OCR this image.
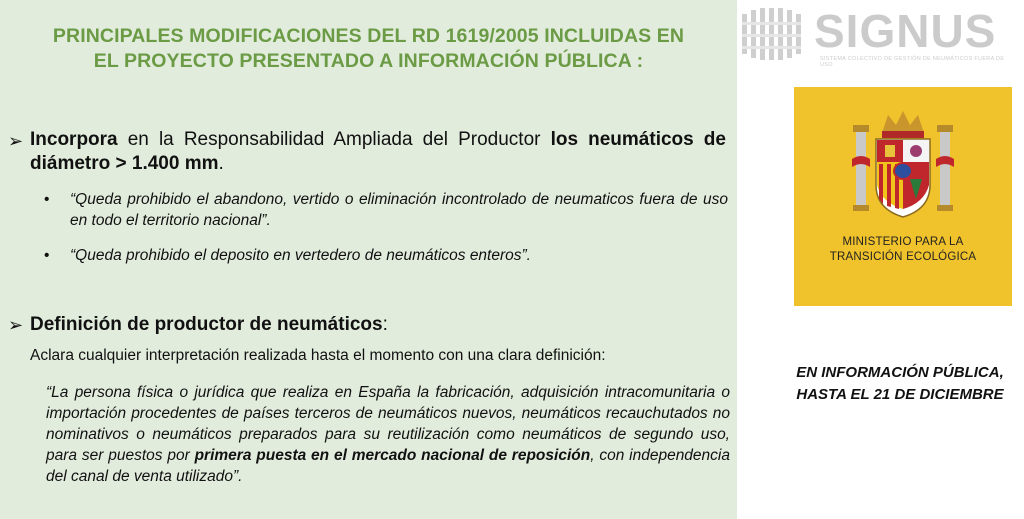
PRINCIPALES MODIFICACIONES DEL RD 1619/2005 INCLUIDAS EN
EL PROYECTO PRESENTADO A INFORMACIÓN PÚBLICA :
➢ Incorpora en la Responsabilidad Ampliada del Productor los neumáticos de diámetro > 1.400 mm.
•	“Queda prohibido el abandono, vertido o eliminación incontrolado de neumaticos fuera de uso en todo el territorio nacional”.
•	“Queda prohibido el deposito en vertedero de neumáticos enteros”.
➢ Definición de productor de neumáticos:
Aclara cualquier interpretación realizada hasta el momento con una clara definición:
“La persona física o jurídica que realiza en España la fabricación, adquisición intracomunitaria o importación procedentes de países terceros de neumáticos nuevos, neumáticos recauchutados no nominativos o neumáticos preparados para su reutilización como neumáticos de segundo uso, para ser puestos por primera puesta en el mercado nacional de reposición, con independencia del canal de venta utilizado”.
SIGNUS
SISTEMA COLECTIVO DE GESTIÓN DE NEUMÁTICOS FUERA DE USO
MINISTERIO PARA LA
TRANSICIÓN ECOLÓGICA
EN INFORMACIÓN PÚBLICA,
HASTA EL 21 DE DICIEMBRE
